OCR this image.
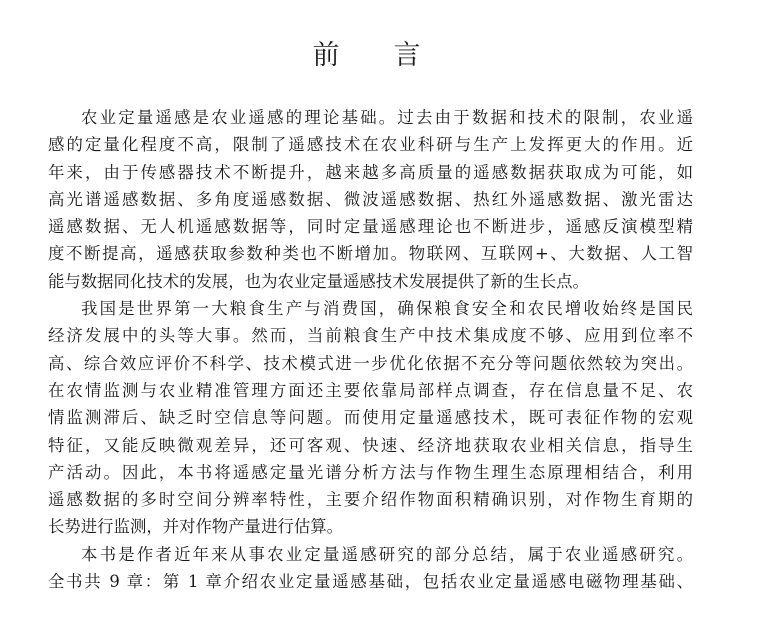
前　　言
农业定量遥感是农业遥感的理论基础。过去由于数据和技术的限制，农业遥
感的定量化程度不高，限制了遥感技术在农业科研与生产上发挥更大的作用。近
年来，由于传感器技术不断提升，越来越多高质量的遥感数据获取成为可能，如
高光谱遥感数据、多角度遥感数据、微波遥感数据、热红外遥感数据、激光雷达
遥感数据、无人机遥感数据等，同时定量遥感理论也不断进步，遥感反演模型精
度不断提高，遥感获取参数种类也不断增加。物联网、互联网+、大数据、人工智
能与数据同化技术的发展，也为农业定量遥感技术发展提供了新的生长点。
我国是世界第一大粮食生产与消费国，确保粮食安全和农民增收始终是国民
经济发展中的头等大事。然而，当前粮食生产中技术集成度不够、应用到位率不
高、综合效应评价不科学、技术模式进一步优化依据不充分等问题依然较为突出。
在农情监测与农业精准管理方面还主要依靠局部样点调查，存在信息量不足、农
情监测滞后、缺乏时空信息等问题。而使用定量遥感技术，既可表征作物的宏观
特征，又能反映微观差异，还可客观、快速、经济地获取农业相关信息，指导生
产活动。因此，本书将遥感定量光谱分析方法与作物生理生态原理相结合，利用
遥感数据的多时空间分辨率特性，主要介绍作物面积精确识别，对作物生育期的
长势进行监测，并对作物产量进行估算。
本书是作者近年来从事农业定量遥感研究的部分总结，属于农业遥感研究。
全书共 9 章：第 1 章介绍农业定量遥感基础，包括农业定量遥感电磁物理基础、
